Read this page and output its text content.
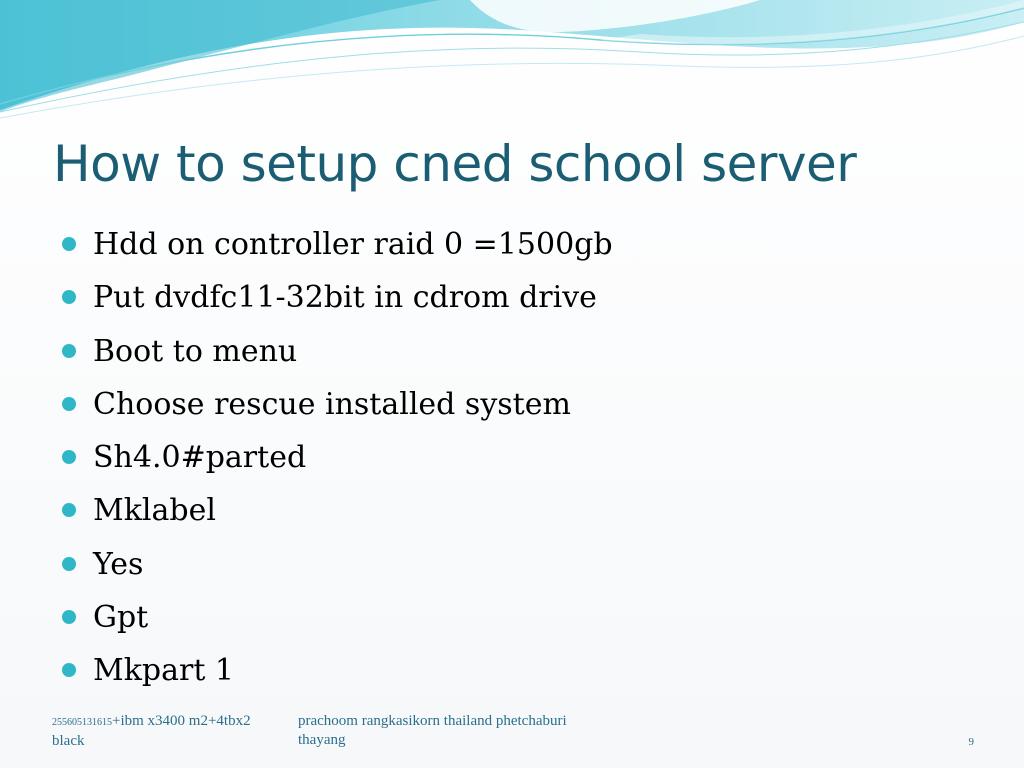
How to setup cned school server
Hdd on controller raid 0 =1500gb
Put dvdfc11-32bit in cdrom drive
Boot to menu
Choose rescue installed system
Sh4.0#parted
Mklabel
Yes
Gpt
Mkpart 1
255605131615+ibm x3400 m2+4tbx2
black
prachoom rangkasikorn thailand phetchaburi
thayang	9
